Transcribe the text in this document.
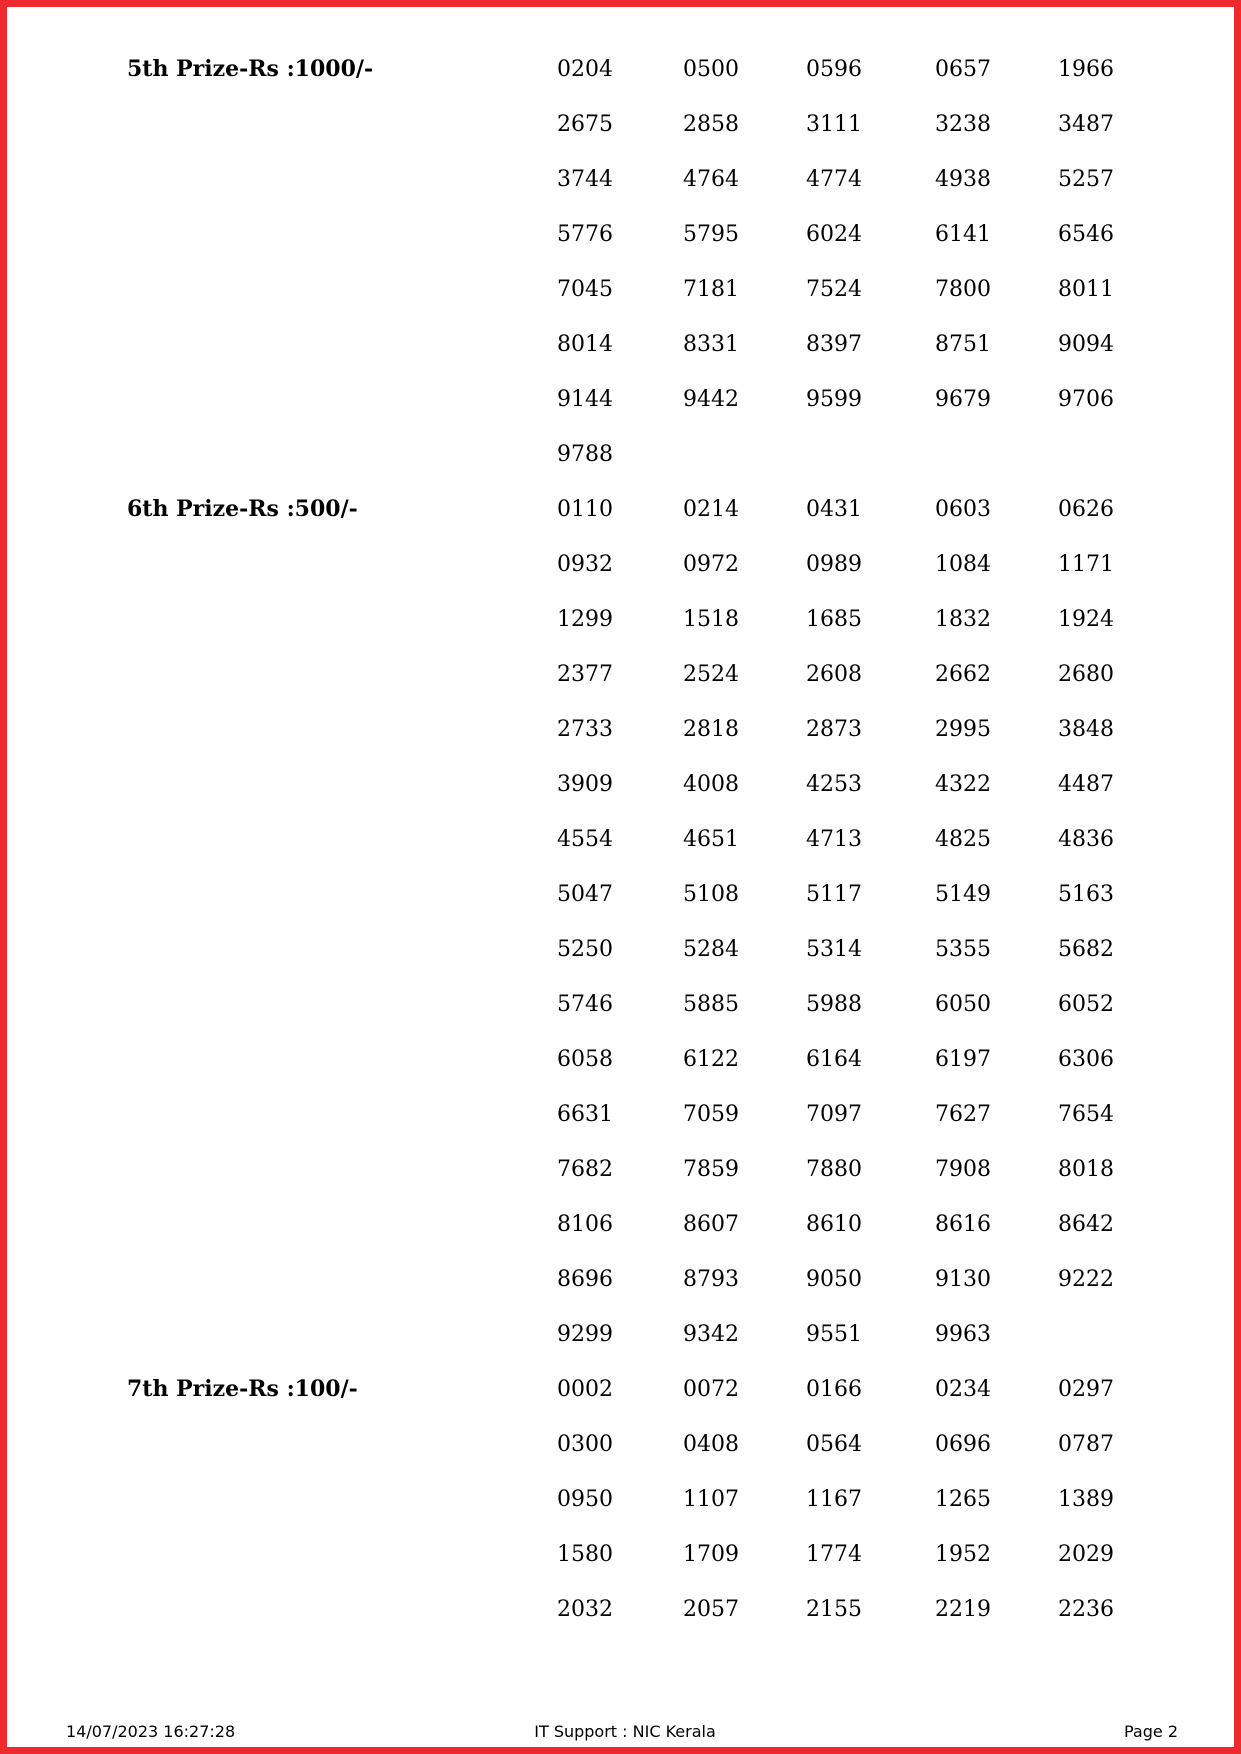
5th Prize-Rs :1000/-	0204	0500	0596	0657	1966
2675	2858	3111	3238	3487
3744	4764	4774	4938	5257
5776	5795	6024	6141	6546
7045	7181	7524	7800	8011
8014	8331	8397	8751	9094
9144	9442	9599	9679	9706
9788
6th Prize-Rs :500/-	0110	0214	0431	0603	0626
0932	0972	0989	1084	1171
1299	1518	1685	1832	1924
2377	2524	2608	2662	2680
2733	2818	2873	2995	3848
3909	4008	4253	4322	4487
4554	4651	4713	4825	4836
5047	5108	5117	5149	5163
5250	5284	5314	5355	5682
5746	5885	5988	6050	6052
6058	6122	6164	6197	6306
6631	7059	7097	7627	7654
7682	7859	7880	7908	8018
8106	8607	8610	8616	8642
8696	8793	9050	9130	9222
9299	9342	9551	9963
7th Prize-Rs :100/-	0002	0072	0166	0234	0297
0300	0408	0564	0696	0787
0950	1107	1167	1265	1389
1580	1709	1774	1952	2029
2032	2057	2155	2219	2236
14/07/2023 16:27:28	IT Support : NIC Kerala	Page 2
